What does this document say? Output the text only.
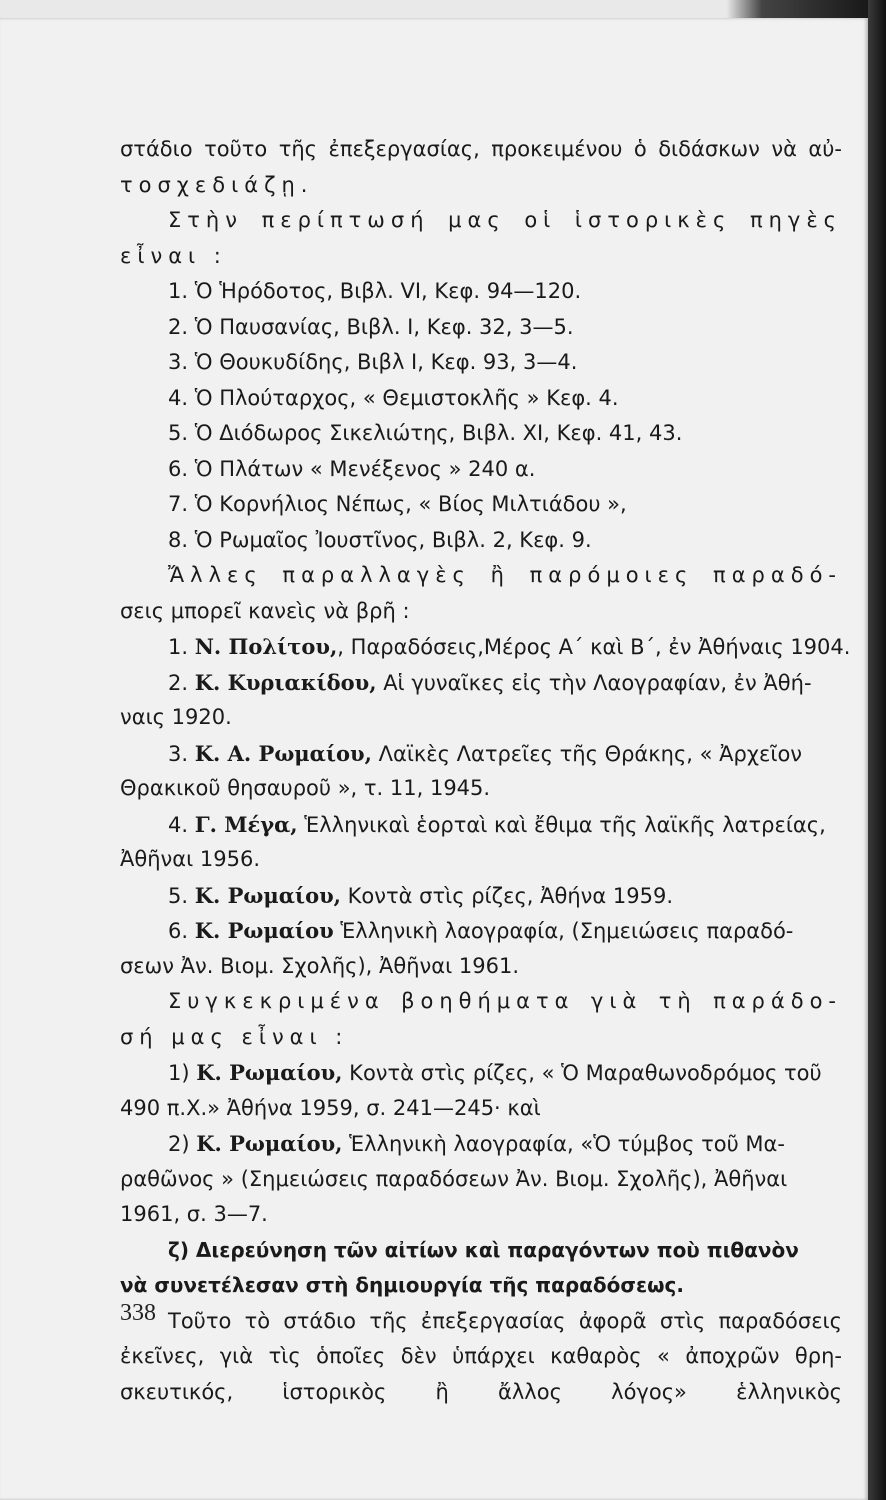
στάδιο τοῦτο τῆς ἐπεξεργασίας, προκειμένου ὁ διδάσκων νὰ αὐ-
τοσχεδιάζῃ.
Στὴν περίπτωσή μας οἱ ἱστορικὲς πηγὲς
εἶναι :
1. Ὁ Ἡρόδοτος, Βιβλ. VI, Κεφ. 94—120.
2. Ὁ Παυσανίας, Βιβλ. I, Κεφ. 32, 3—5.
3. Ὁ Θουκυδίδης, Βιβλ I, Κεφ. 93, 3—4.
4. Ὁ Πλούταρχος, « Θεμιστοκλῆς » Κεφ. 4.
5. Ὁ Διόδωρος Σικελιώτης, Βιβλ. XI, Κεφ. 41, 43.
6. Ὁ Πλάτων « Μενέξενος » 240 α.
7. Ὁ Κορνήλιος Νέπως, « Βίος Μιλτιάδου »,
8. Ὁ Ρωμαῖος Ἰουστῖνος, Βιβλ. 2, Κεφ. 9.
Ἄλλες παραλλαγὲς ἢ παρόμοιες παραδό-
σεις μπορεῖ κανεὶς νὰ βρῆ :
1. Ν. Πολίτου,, Παραδόσεις,Μέρος Α΄ καὶ Β΄, ἐν Ἀθήναις 1904.
2. Κ. Κυριακίδου, Αἱ γυναῖκες εἰς τὴν Λαογραφίαν, ἐν Ἀθή-
ναις 1920.
3. Κ. Α. Ρωμαίου, Λαϊκὲς Λατρεῖες τῆς Θράκης, « Ἀρχεῖον
Θρακικοῦ θησαυροῦ », τ. 11, 1945.
4. Γ. Μέγα, Ἑλληνικαὶ ἑορταὶ καὶ ἔθιμα τῆς λαϊκῆς λατρείας,
Ἀθῆναι 1956.
5. Κ. Ρωμαίου, Κοντὰ στὶς ρίζες, Ἀθήνα 1959.
6. Κ. Ρωμαίου Ἑλληνικὴ λαογραφία, (Σημειώσεις παραδό-
σεων Ἀν. Βιομ. Σχολῆς), Ἀθῆναι 1961.
Συγκεκριμένα βοηθήματα γιὰ τὴ παράδο-
σή μας εἶναι :
1) Κ. Ρωμαίου, Κοντὰ στὶς ρίζες, « Ὁ Μαραθωνοδρόμος τοῦ
490 π.Χ.» Ἀθήνα 1959, σ. 241—245· καὶ
2) Κ. Ρωμαίου, Ἑλληνικὴ λαογραφία, «Ὁ τύμβος τοῦ Μα-
ραθῶνος » (Σημειώσεις παραδόσεων Ἀν. Βιομ. Σχολῆς), Ἀθῆναι
1961, σ. 3—7.
ζ) Διερεύνηση τῶν αἰτίων καὶ παραγόντων ποὺ πιθανὸν
νὰ συνετέλεσαν στὴ δημιουργία τῆς παραδόσεως.
Τοῦτο τὸ στάδιο τῆς ἐπεξεργασίας ἀφορᾶ στὶς παραδόσεις
ἐκεῖνες, γιὰ τὶς ὁποῖες δὲν ὑπάρχει καθαρὸς « ἀποχρῶν θρη-
σκευτικός, ἱστορικὸς ἢ ἄλλος λόγος» ἑλληνικὸς
338
